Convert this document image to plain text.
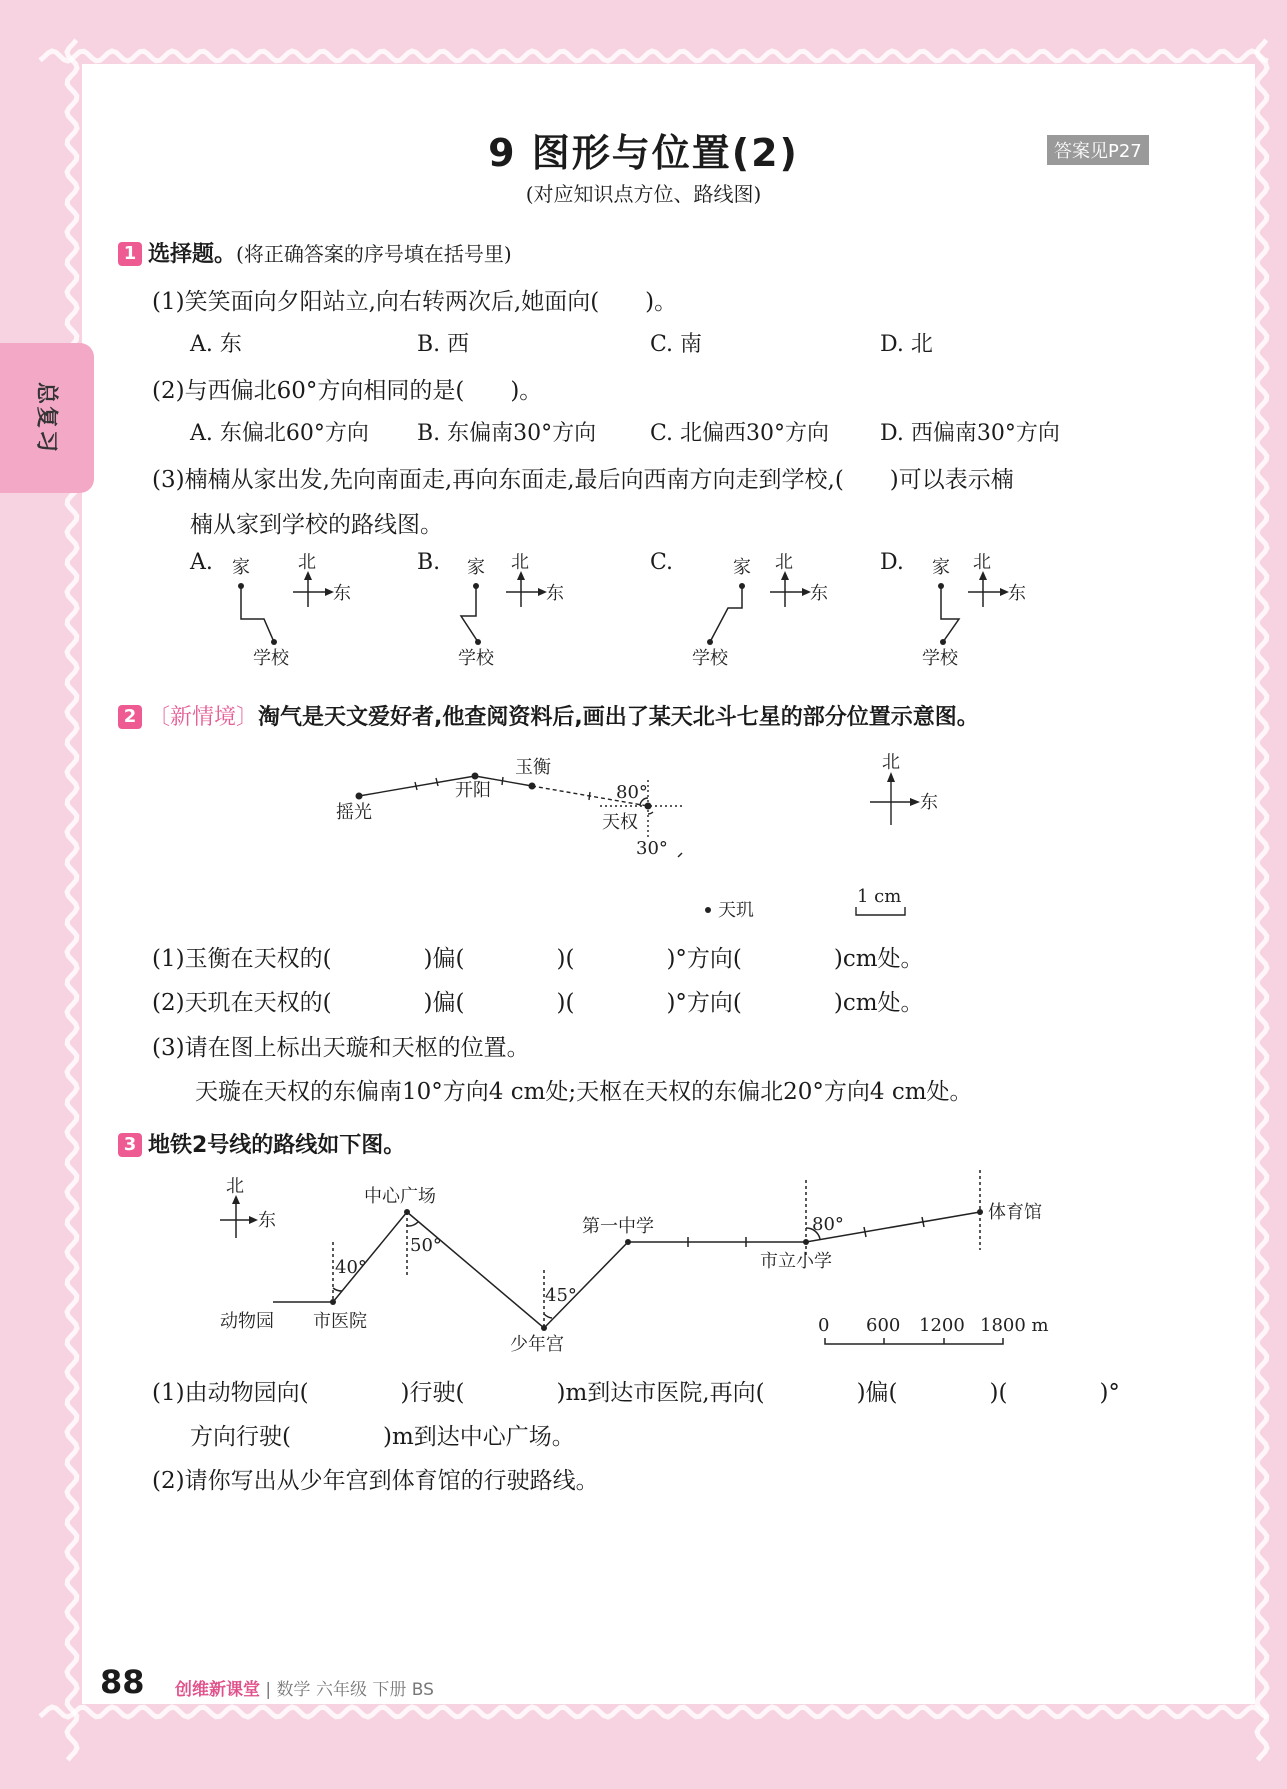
总复习
9 图形与位置(2)
(对应知识点方位、路线图)
答案见P27
1 选择题。(将正确答案的序号填在括号里)
(1)笑笑面向夕阳站立,向右转两次后,她面向(　　)。
A. 东	B. 西	C. 南	D. 北
(2)与西偏北60°方向相同的是(　　)。
A. 东偏北60°方向 B. 东偏南30°方向 C. 北偏西30°方向 D. 西偏南30°方向
(3)楠楠从家出发,先向南面走,再向东面走,最后向西南方向走到学校,(　　)可以表示楠
楠从家到学校的路线图。
A.	B.	C.	D.
家
学校
北
东
家
学校
北
东
家
学校
北
东
家
学校
北
东
2 〔新情境〕淘气是天文爱好者,他查阅资料后,画出了某天北斗七星的部分位置示意图。
摇光
开阳
玉衡
天权
天玑
80°
30°
北
东
1 cm
(1)玉衡在天权的(　　　　)偏(　　　　)(　　　　)°方向(　　　　)cm处。
(2)天玑在天权的(　　　　)偏(　　　　)(　　　　)°方向(　　　　)cm处。
(3)请在图上标出天璇和天枢的位置。
天璇在天权的东偏南10°方向4 cm处;天枢在天权的东偏北20°方向4 cm处。
3 地铁2号线的路线如下图。
北
东
动物园 市医院
中心广场
少年宫
第一中学
市立小学
体育馆
40°
50°
45°
80°
0 600 1200 1800 m
(1)由动物园向(　　　　)行驶(　　　　)m到达市医院,再向(　　　　)偏(　　　　)(　　　　)°
方向行驶(　　　　)m到达中心广场。
(2)请你写出从少年宫到体育馆的行驶路线。
88 创维新课堂 | 数学 六年级 下册 BS
